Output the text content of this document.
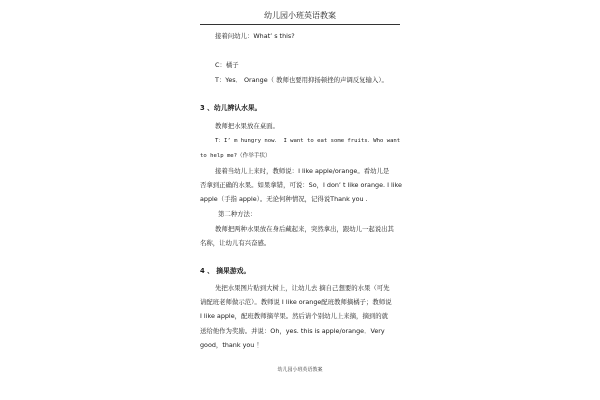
幼儿园小班英语教案
接着问幼儿：What’ s this?
C：橘子
T：Yes． Orange（ 教师也要用抑扬顿挫的声调反复输入）。
3 、幼儿辨认水果。
教师把水果放在桌面。
T：I’ m hungry now． I want to eat some fruits．Who want
to help me?（作举手状）
接着当幼儿上来时，教师说：I like apple/orange。看幼儿是
否拿到正确的水果。如果拿错，可说：So，I don’ t like orange. I like
apple（手指 apple）。无论何种情况，记得说Thank you .
第二种方法：
教师把两种水果放在身后藏起来，突然拿出，跟幼儿一起说出其
名称，让幼儿有兴奋感。
4 、 摘果游戏。
先把水果图片贴到大树上，让幼儿去 摘自己想要的水果（可先
请配班老师做示范）。教师说 I like orange配班教师摘橘子；教师说
I like apple，配班教师摘苹果。然后请个别幼儿上来摘，摘到的就
送给他作为奖励。并说：Oh，yes. this is apple/orange．Very
good，thank you ！
幼儿园小班英语教案
